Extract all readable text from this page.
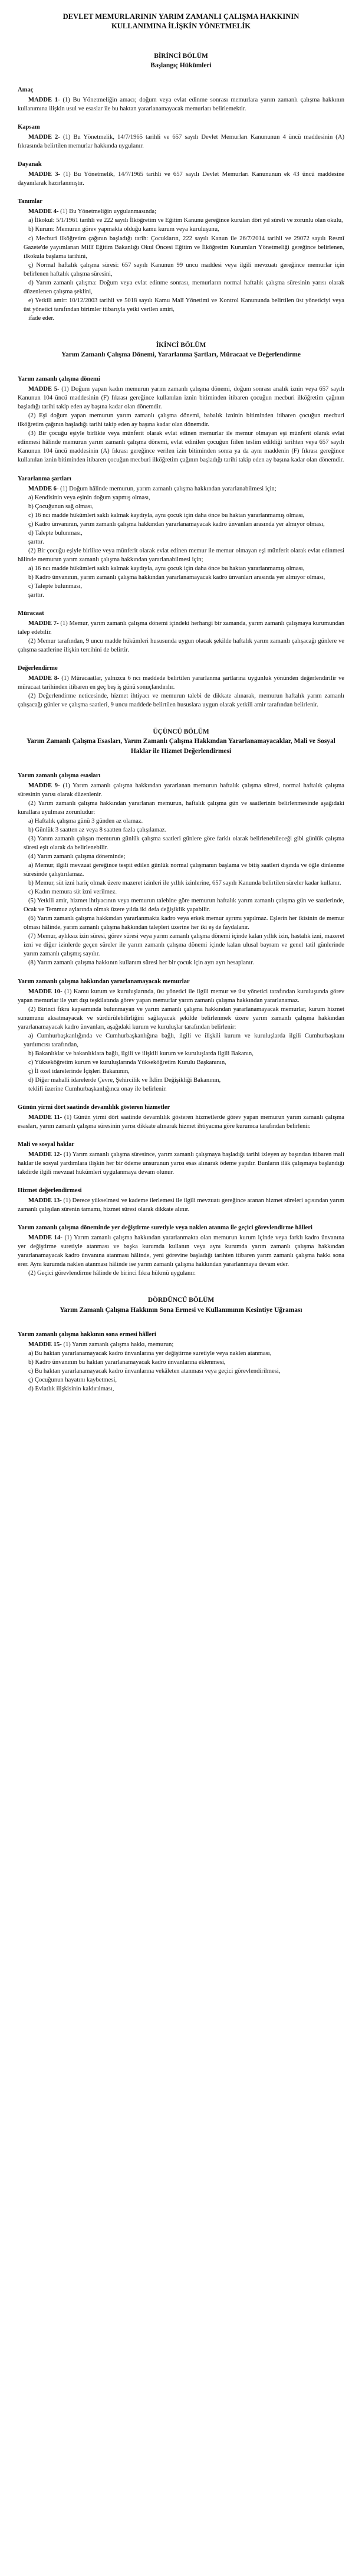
DEVLET MEMURLARININ YARIM ZAMANLI ÇALIŞMA HAKKININ
KULLANIMINA İLİŞKİN YÖNETMELİK
BİRİNCİ BÖLÜM
Başlangıç Hükümleri
Amaç

MADDE 1- (1) Bu Yönetmeliğin amacı; doğum veya evlat edinme sonrası memurlara yarım zamanlı çalışma hakkının kullanımına ilişkin usul ve esaslar ile bu haktan yararlanamayacak memurları belirlemektir.

Kapsam

MADDE 2- (1) Bu Yönetmelik, 14/7/1965 tarihli ve 657 sayılı Devlet Memurları Kanununun 4 üncü maddesinin (A) fıkrasında belirtilen memurlar hakkında uygulanır.

Dayanak

MADDE 3- (1) Bu Yönetmelik, 14/7/1965 tarihli ve 657 sayılı Devlet Memurları Kanununun ek 43 üncü maddesine dayanılarak hazırlanmıştır.

Tanımlar

MADDE 4- (1) Bu Yönetmeliğin uygulanmasında;

a) İlkokul: 5/1/1961 tarihli ve 222 sayılı İlköğretim ve Eğitim Kanunu gereğince kurulan dört yıl süreli ve zorunlu olan okulu,

b) Kurum: Memurun görev yapmakta olduğu kamu kurum veya kuruluşunu,

c) Mecburi ilköğretim çağının başladığı tarih: Çocukların, 222 sayılı Kanun ile 26/7/2014 tarihli ve 29072 sayılı Resmî Gazete'de yayımlanan Millî Eğitim Bakanlığı Okul Öncesi Eğitim ve İlköğretim Kurumları Yönetmeliği gereğince belirlenen, ilkokula başlama tarihini,

ç) Normal haftalık çalışma süresi: 657 sayılı Kanunun 99 uncu maddesi veya ilgili mevzuatı gereğince memurlar için belirlenen haftalık çalışma süresini,

d) Yarım zamanlı çalışma: Doğum veya evlat edinme sonrası, memurların normal haftalık çalışma süresinin yarısı olarak düzenlenen çalışma şeklini,

e) Yetkili amir: 10/12/2003 tarihli ve 5018 sayılı Kamu Malî Yönetimi ve Kontrol Kanununda belirtilen üst yöneticiyi veya üst yönetici tarafından birimler itibarıyla yetki verilen amiri,

ifade eder.

İKİNCİ BÖLÜM
Yarım Zamanlı Çalışma Dönemi, Yararlanma Şartları, Müracaat ve Değerlendirme
Yarım zamanlı çalışma dönemi

MADDE 5- (1) Doğum yapan kadın memurun yarım zamanlı çalışma dönemi, doğum sonrası analık iznin veya 657 sayılı Kanunun 104 üncü maddesinin (F) fıkrası gereğince kullanılan iznin bitiminden itibaren çocuğun mecburi ilköğretim çağının başladığı tarihi takip eden ay başına kadar olan dönemdir.

(2) Eşi doğum yapan memurun yarım zamanlı çalışma dönemi, babalık izninin bitiminden itibaren çocuğun mecburi ilköğretim çağının başladığı tarihi takip eden ay başına kadar olan dönemdir.

(3) Bir çocuğu eşiyle birlikte veya münferit olarak evlat edinen memurlar ile memur olmayan eşi münferit olarak evlat edinmesi hâlinde memurun yarım zamanlı çalışma dönemi, evlat edinilen çocuğun fiilen teslim edildiği tarihten veya 657 sayılı Kanunun 104 üncü maddesinin (A) fıkrası gereğince verilen izin bitiminden sonra ya da aynı maddenin (F) fıkrası gereğince kullanılan iznin bitiminden itibaren çocuğun mecburi ilköğretim çağının başladığı tarihi takip eden ay başına kadar olan dönemdir.

Yararlanma şartları

MADDE 6- (1) Doğum hâlinde memurun, yarım zamanlı çalışma hakkından yararlanabilmesi için;

a) Kendisinin veya eşinin doğum yapmış olması,

b) Çocuğunun sağ olması,

c) 16 ncı madde hükümleri saklı kalmak kaydıyla, aynı çocuk için daha önce bu haktan yararlanmamış olması,

ç) Kadro ünvanının, yarım zamanlı çalışma hakkından yararlanamayacak kadro ünvanları arasında yer almıyor olması,

d) Talepte bulunması,

şarttır.

(2) Bir çocuğu eşiyle birlikte veya münferit olarak evlat edinen memur ile memur olmayan eşi münferit olarak evlat edinmesi hâlinde memurun yarım zamanlı çalışma hakkından yararlanabilmesi için;

a) 16 ncı madde hükümleri saklı kalmak kaydıyla, aynı çocuk için daha önce bu haktan yararlanmamış olması,

b) Kadro ünvanının, yarım zamanlı çalışma hakkından yararlanamayacak kadro ünvanları arasında yer almıyor olması,

c) Talepte bulunması,

şarttır.

Müracaat

MADDE 7- (1) Memur, yarım zamanlı çalışma dönemi içindeki herhangi bir zamanda, yarım zamanlı çalışmaya kurumundan talep edebilir.

(2) Memur tarafından, 9 uncu madde hükümleri hususunda uygun olacak şekilde haftalık yarım zamanlı çalışacağı günlere ve çalışma saatlerine ilişkin tercihini de belirtir.

Değerlendirme

MADDE 8- (1) Müracaatlar, yalnızca 6 ncı maddede belirtilen yararlanma şartlarına uygunluk yönünden değerlendirilir ve müracaat tarihinden itibaren en geç beş iş günü sonuçlandırılır.

(2) Değerlendirme neticesinde, hizmet ihtiyacı ve memurun talebi de dikkate alınarak, memurun haftalık yarım zamanlı çalışacağı günler ve çalışma saatleri, 9 uncu maddede belirtilen hususlara uygun olarak yetkili amir tarafından belirlenir.

ÜÇÜNCÜ BÖLÜM
Yarım Zamanlı Çalışma Esasları, Yarım Zamanlı Çalışma Hakkından Yararlanamayacaklar, Mali ve Sosyal Haklar ile Hizmet Değerlendirmesi
Yarım zamanlı çalışma esasları

MADDE 9- (1) Yarım zamanlı çalışma hakkından yararlanan memurun haftalık çalışma süresi, normal haftalık çalışma süresinin yarısı olarak düzenlenir.

(2) Yarım zamanlı çalışma hakkından yararlanan memurun, haftalık çalışma gün ve saatlerinin belirlenmesinde aşağıdaki kurallara uyulması zorunludur:

a) Haftalık çalışma günü 3 günden az olamaz.

b) Günlük 3 saatten az veya 8 saatten fazla çalışılamaz.

(3) Yarım zamanlı çalışan memurun günlük çalışma saatleri günlere göre farklı olarak belirlenebileceği gibi günlük çalışma süresi eşit olarak da belirlenebilir.

(4) Yarım zamanlı çalışma döneminde;

a) Memur, ilgili mevzuat gereğince tespit edilen günlük normal çalışmanın başlama ve bitiş saatleri dışında ve öğle dinlenme süresinde çalıştırılamaz.

b) Memur, süt izni hariç olmak üzere mazeret izinleri ile yıllık izinlerine, 657 sayılı Kanunda belirtilen süreler kadar kullanır.

c) Kadın memura süt izni verilmez.

(5) Yetkili amir, hizmet ihtiyacının veya memurun talebine göre memurun haftalık yarım zamanlı çalışma gün ve saatlerinde, Ocak ve Temmuz aylarında olmak üzere yılda iki defa değişiklik yapabilir.

(6) Yarım zamanlı çalışma hakkından yararlanmakta kadro veya erkek memur ayrımı yapılmaz. Eşlerin her ikisinin de memur olması hâlinde, yarım zamanlı çalışma hakkından talepleri üzerine her iki eş de faydalanır.

(7) Memur, aylıksız izin süresi, görev süresi veya yarım zamanlı çalışma dönemi içinde kalan yıllık izin, hastalık izni, mazeret izni ve diğer izinlerde geçen süreler ile yarım zamanlı çalışma dönemi içinde kalan ulusal bayram ve genel tatil günlerinde yarım zamanlı çalışmış sayılır.

(8) Yarım zamanlı çalışma hakkının kullanım süresi her bir çocuk için ayrı ayrı hesaplanır.

Yarım zamanlı çalışma hakkından yararlanamayacak memurlar

MADDE 10- (1) Kamu kurum ve kuruluşlarında, üst yönetici ile ilgili memur ve üst yönetici tarafından kuruluşunda görev yapan memurlar ile yurt dışı teşkilatında görev yapan memurlar yarım zamanlı çalışma hakkından yararlanamaz.

(2) Birinci fıkra kapsamında bulunmayan ve yarım zamanlı çalışma hakkından yararlanamayacak memurlar, kurum hizmet sunumunu aksatmayacak ve sürdürülebilirliğini sağlayacak şekilde belirlenmek üzere yarım zamanlı çalışma hakkından yararlanamayacak kadro ünvanları, aşağıdaki kurum ve kuruluşlar tarafından belirlenir:

a) Cumhurbaşkanlığında ve Cumhurbaşkanlığına bağlı, ilgili ve ilişkili kurum ve kuruluşlarda ilgili Cumhurbaşkanı yardımcısı tarafından,

b) Bakanlıklar ve bakanlıklara bağlı, ilgili ve ilişkili kurum ve kuruluşlarda ilgili Bakanın,

c) Yükseköğretim kurum ve kuruluşlarında Yükseköğretim Kurulu Başkanının,

ç) İl özel idarelerinde İçişleri Bakanının,

d) Diğer mahalli idarelerde Çevre, Şehircilik ve İklim Değişikliği Bakanının,

teklifi üzerine Cumhurbaşkanlığınca onay ile belirlenir.

Günün yirmi dört saatinde devamlılık gösteren hizmetler

MADDE 11- (1) Günün yirmi dört saatinde devamlılık gösteren hizmetlerde görev yapan memurun yarım zamanlı çalışma esasları, yarım zamanlı çalışma süresinin yarısı dikkate alınarak hizmet ihtiyacına göre kurumca tarafından belirlenir.

Mali ve sosyal haklar

MADDE 12- (1) Yarım zamanlı çalışma süresince, yarım zamanlı çalışmaya başladığı tarihi izleyen ay başından itibaren mali haklar ile sosyal yardımlara ilişkin her bir ödeme unsurunun yarısı esas alınarak ödeme yapılır. Bunların ilâk çalışmaya başlandığı takdirde ilgili mevzuat hükümleri uygulanmaya devam olunur.

Hizmet değerlendirmesi

MADDE 13- (1) Derece yükselmesi ve kademe ilerlemesi ile ilgili mevzuatı gereğince aranan hizmet süreleri açısından yarım zamanlı çalışılan sürenin tamamı, hizmet süresi olarak dikkate alınır.

Yarım zamanlı çalışma döneminde yer değiştirme suretiyle veya naklen atanma ile geçici görevlendirme hâlleri

MADDE 14- (1) Yarım zamanlı çalışma hakkından yararlanmakta olan memurun kurum içinde veya farklı kadro ünvanına yer değiştirme suretiyle atanması ve başka kurumda kullanın veya aynı kurumda yarım zamanlı çalışma hakkından yararlanamayacak kadro ünvanına atanması hâlinde, yeni görevine başladığı tarihten itibaren yarım zamanlı çalışma hakkı sona erer. Aynı kurumda naklen atanması hâlinde ise yarım zamanlı çalışma hakkından yararlanmaya devam eder.

(2) Geçici görevlendirme hâlinde de birinci fıkra hükmü uygulanır.

DÖRDÜNCÜ BÖLÜM
Yarım Zamanlı Çalışma Hakkının Sona Ermesi ve Kullanımının Kesintiye Uğraması
Yarım zamanlı çalışma hakkının sona ermesi hâlleri

MADDE 15- (1) Yarım zamanlı çalışma hakkı, memurun;

a) Bu haktan yararlanamayacak kadro ünvanlarına yer değiştirme suretiyle veya naklen atanması,

b) Kadro ünvanının bu haktan yararlanamayacak kadro ünvanlarına eklenmesi,

c) Bu haktan yararlanamayacak kadro ünvanlarına vekâleten atanması veya geçici görevlendirilmesi,

ç) Çocuğunun hayatını kaybetmesi,

d) Evlatlık ilişkisinin kaldırılması,
